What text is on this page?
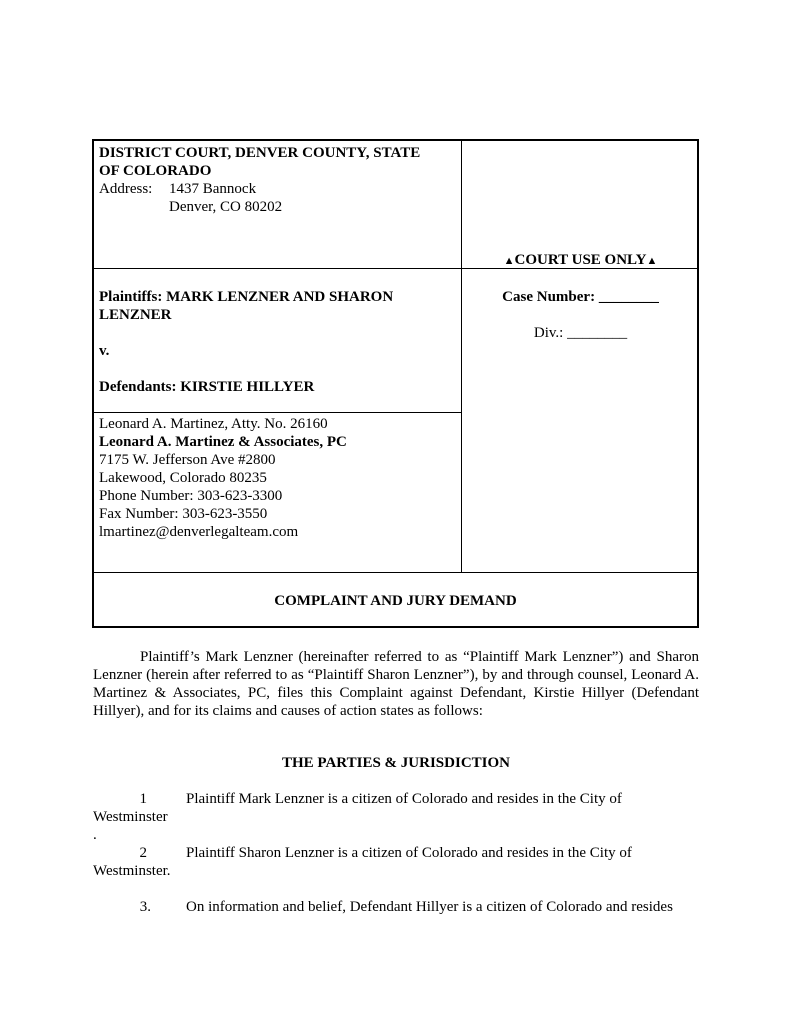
DISTRICT COURT, DENVER COUNTY, STATE
OF COLORADO
Address:	1437 Bannock
Denver, CO 80202
▲COURT USE ONLY▲
Plaintiffs: MARK LENZNER AND SHARON
LENZNER
v.
Defendants: KIRSTIE HILLYER
Case Number: ________
Div.: ________
Leonard A. Martinez, Atty. No. 26160
Leonard A. Martinez & Associates, PC
7175 W. Jefferson Ave #2800
Lakewood, Colorado 80235
Phone Number: 303-623-3300
Fax Number: 303-623-3550
lmartinez@denverlegalteam.com
COMPLAINT AND JURY DEMAND
Plaintiff’s Mark Lenzner (hereinafter referred to as “Plaintiff Mark Lenzner”) and Sharon Lenzner (herein after referred to as “Plaintiff Sharon Lenzner”), by and through counsel, Leonard A. Martinez & Associates, PC, files this Complaint against Defendant, Kirstie Hillyer (Defendant Hillyer), and for its claims and causes of action states as follows:
THE PARTIES & JURISDICTION
1	Plaintiff Mark Lenzner is a citizen of Colorado and resides in the City of
Westminster
.
2	Plaintiff Sharon Lenzner is a citizen of Colorado and resides in the City of
Westminster.
3. On information and belief, Defendant Hillyer is a citizen of Colorado and resides
